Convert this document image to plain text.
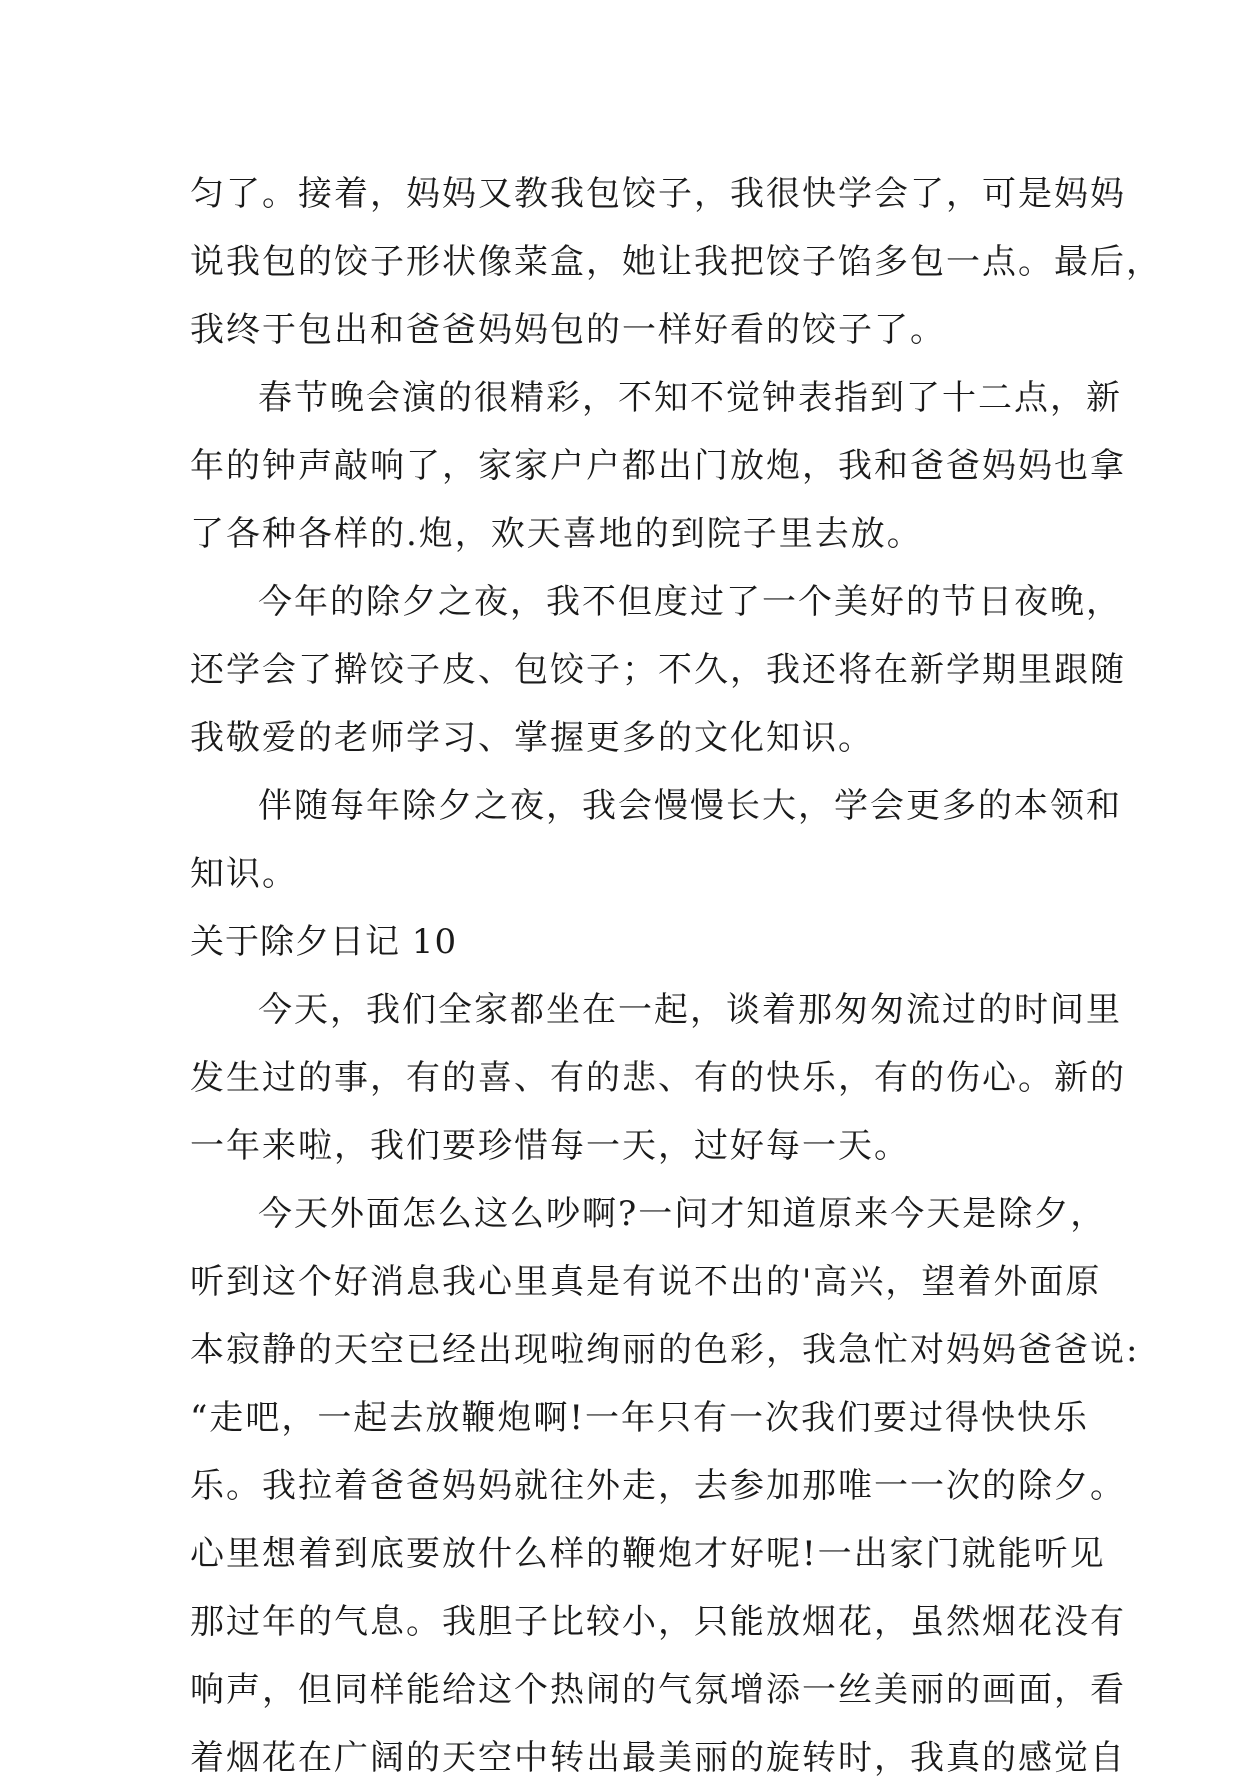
匀了。接着，妈妈又教我包饺子，我很快学会了，可是妈妈
说我包的饺子形状像菜盒，她让我把饺子馅多包一点。最后，
我终于包出和爸爸妈妈包的一样好看的饺子了。
春节晚会演的很精彩，不知不觉钟表指到了十二点，新
年的钟声敲响了，家家户户都出门放炮，我和爸爸妈妈也拿
了各种各样的.炮，欢天喜地的到院子里去放。
今年的除夕之夜，我不但度过了一个美好的节日夜晚，
还学会了擀饺子皮、包饺子；不久，我还将在新学期里跟随
我敬爱的老师学习、掌握更多的文化知识。
伴随每年除夕之夜，我会慢慢长大，学会更多的本领和
知识。
关于除夕日记 10
今天，我们全家都坐在一起，谈着那匆匆流过的时间里
发生过的事，有的喜、有的悲、有的快乐，有的伤心。新的
一年来啦，我们要珍惜每一天，过好每一天。
今天外面怎么这么吵啊?一问才知道原来今天是除夕，
听到这个好消息我心里真是有说不出的'高兴，望着外面原
本寂静的天空已经出现啦绚丽的色彩，我急忙对妈妈爸爸说:
“走吧，一起去放鞭炮啊!一年只有一次我们要过得快快乐
乐。我拉着爸爸妈妈就往外走，去参加那唯一一次的除夕。
心里想着到底要放什么样的鞭炮才好呢!一出家门就能听见
那过年的气息。我胆子比较小，只能放烟花，虽然烟花没有
响声，但同样能给这个热闹的气氛增添一丝美丽的画面，看
着烟花在广阔的天空中转出最美丽的旋转时，我真的感觉自
